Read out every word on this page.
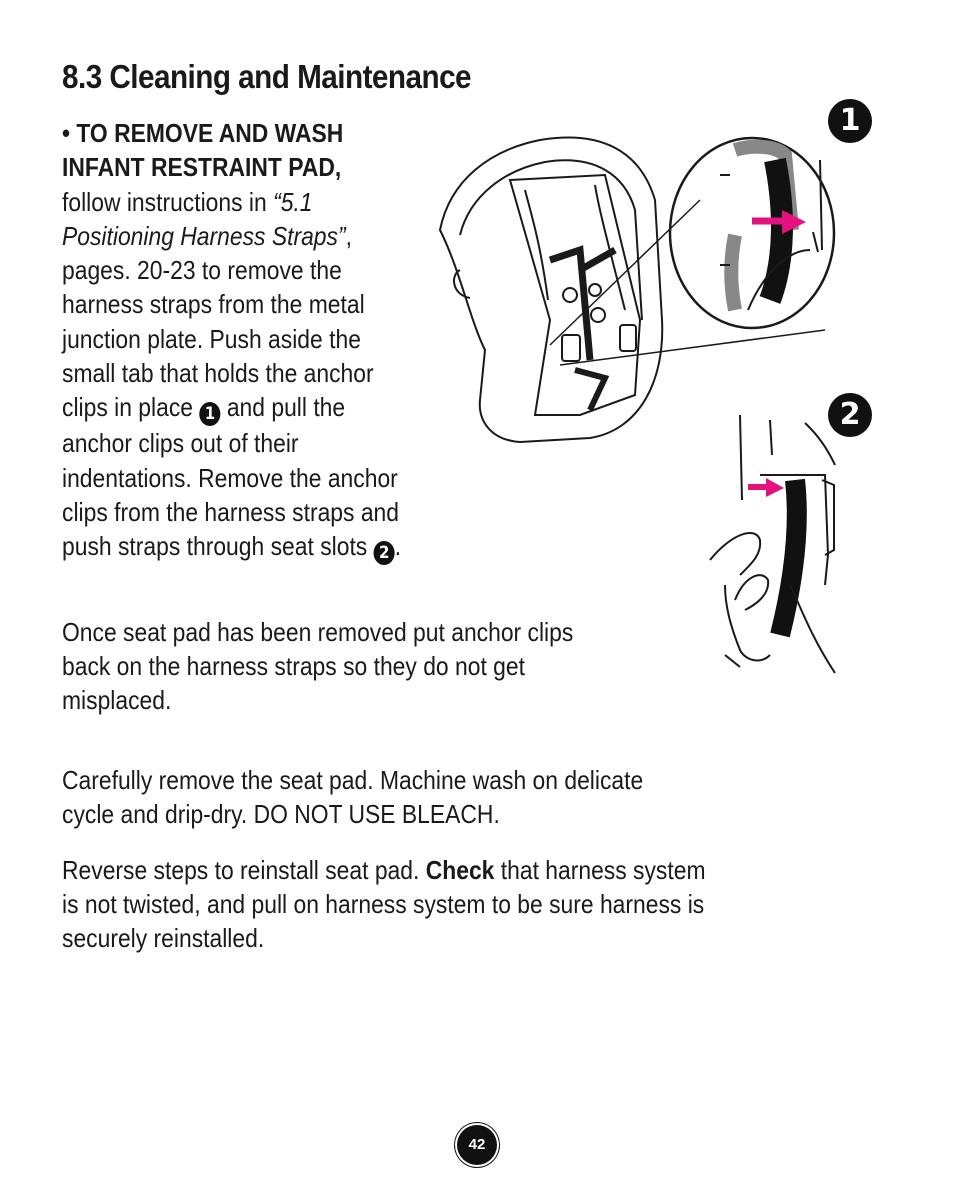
8.3 Cleaning and Maintenance

• TO REMOVE AND WASH INFANT RESTRAINT PAD,

follow instructions in “5.1 Positioning Harness Straps”, pages. 20-23 to remove the harness straps from the metal junction plate. Push aside the small tab that holds the anchor clips in place 1 and pull the anchor clips out of their indentations. Remove the anchor clips from the harness straps and push straps through seat slots 2 .

Once seat pad has been removed put anchor clips back on the harness straps so they do not get misplaced.

Carefully remove the seat pad. Machine wash on delicate cycle and drip-dry. DO NOT USE BLEACH.

Reverse steps to reinstall seat pad. Check that harness system is not twisted, and pull on harness system to be sure harness is securely reinstalled.

1
2
42
